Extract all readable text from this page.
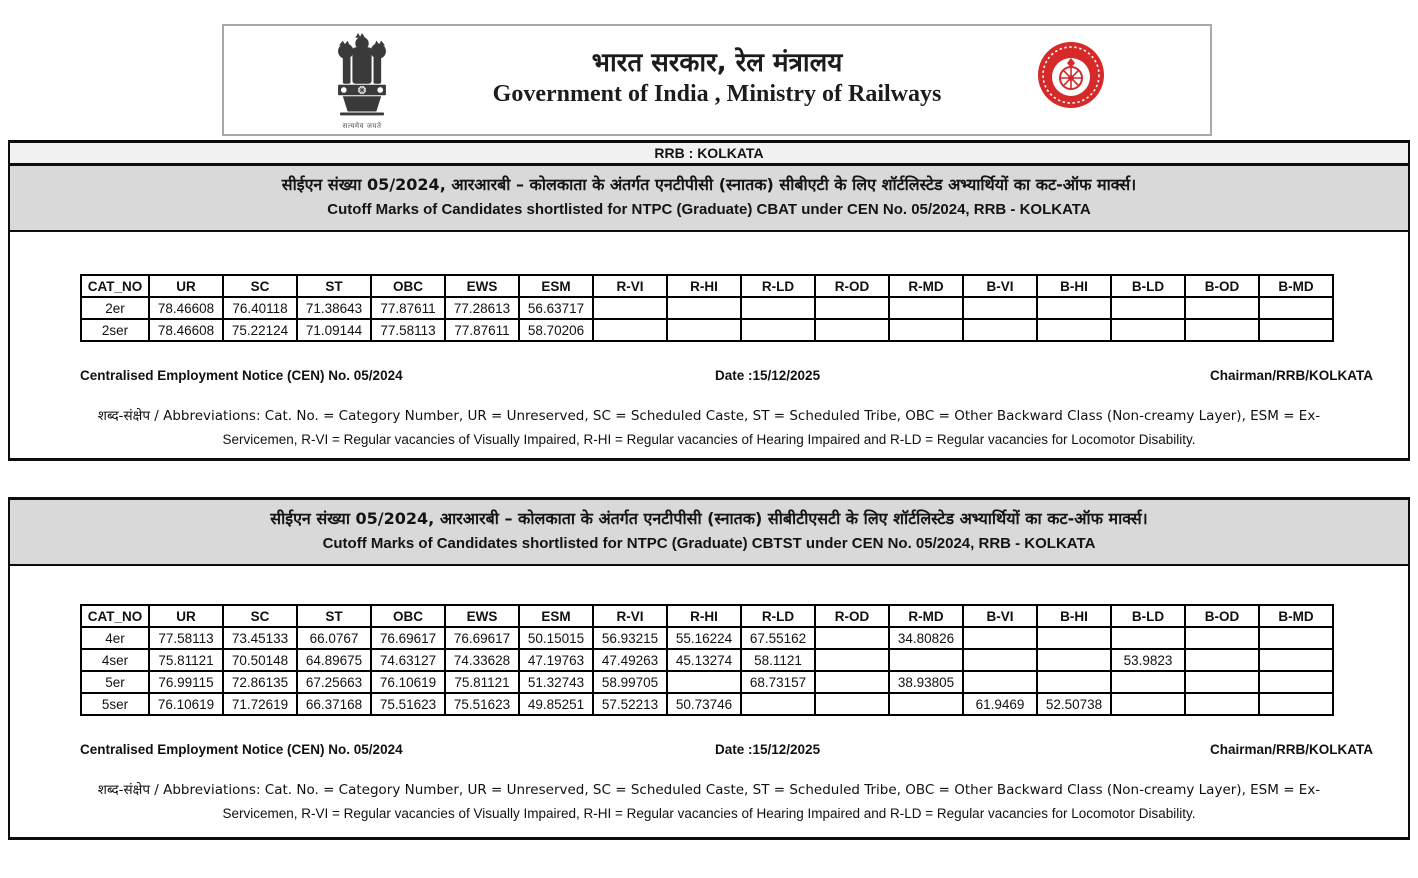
सत्यमेव जयते
भारत सरकार, रेल मंत्रालय
Government of India , Ministry of Railways
RRB : KOLKATA
सीईएन संख्या 05/2024, आरआरबी – कोलकाता के अंतर्गत एनटीपीसी (स्नातक) सीबीएटी के लिए शॉर्टलिस्टेड अभ्यार्थियों का कट-ऑफ मार्क्स।
Cutoff Marks of Candidates shortlisted for NTPC (Graduate) CBAT under CEN No. 05/2024, RRB - KOLKATA
CAT_NO	UR	SC	ST	OBC	EWS	ESM	R-VI	R-HI	R-LD	R-OD	R-MD	B-VI	B-HI	B-LD	B-OD	B-MD
2er	78.46608	76.40118	71.38643	77.87611	77.28613	56.63717										
2ser	78.46608	75.22124	71.09144	77.58113	77.87611	58.70206										
Centralised Employment Notice (CEN) No. 05/2024	Date :15/12/2025	Chairman/RRB/KOLKATA
शब्द-संक्षेप / Abbreviations: Cat. No. = Category Number, UR = Unreserved, SC = Scheduled Caste, ST = Scheduled Tribe, OBC = Other Backward Class (Non-creamy Layer), ESM = Ex-
Servicemen, R-VI = Regular vacancies of Visually Impaired, R-HI = Regular vacancies of Hearing Impaired and R-LD = Regular vacancies for Locomotor Disability.
सीईएन संख्या 05/2024, आरआरबी – कोलकाता के अंतर्गत एनटीपीसी (स्नातक) सीबीटीएसटी के लिए शॉर्टलिस्टेड अभ्यार्थियों का कट-ऑफ मार्क्स।
Cutoff Marks of Candidates shortlisted for NTPC (Graduate) CBTST under CEN No. 05/2024, RRB - KOLKATA
CAT_NO	UR	SC	ST	OBC	EWS	ESM	R-VI	R-HI	R-LD	R-OD	R-MD	B-VI	B-HI	B-LD	B-OD	B-MD
4er	77.58113	73.45133	66.0767	76.69617	76.69617	50.15015	56.93215	55.16224	67.55162		34.80826					
4ser	75.81121	70.50148	64.89675	74.63127	74.33628	47.19763	47.49263	45.13274	58.1121					53.9823		
5er	76.99115	72.86135	67.25663	76.10619	75.81121	51.32743	58.99705		68.73157		38.93805					
5ser	76.10619	71.72619	66.37168	75.51623	75.51623	49.85251	57.52213	50.73746				61.9469	52.50738			
Centralised Employment Notice (CEN) No. 05/2024	Date :15/12/2025	Chairman/RRB/KOLKATA
शब्द-संक्षेप / Abbreviations: Cat. No. = Category Number, UR = Unreserved, SC = Scheduled Caste, ST = Scheduled Tribe, OBC = Other Backward Class (Non-creamy Layer), ESM = Ex-
Servicemen, R-VI = Regular vacancies of Visually Impaired, R-HI = Regular vacancies of Hearing Impaired and R-LD = Regular vacancies for Locomotor Disability.
